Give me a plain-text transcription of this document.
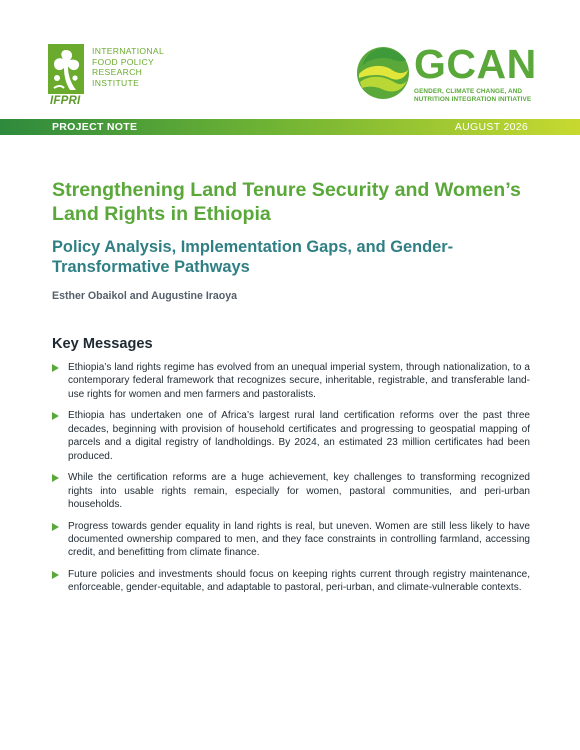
INTERNATIONAL
FOOD POLICY
RESEARCH
INSTITUTE
IFPRI
GCAN
GENDER, CLIMATE CHANGE, AND
NUTRITION INTEGRATION INITIATIVE
PROJECT NOTE	AUGUST 2026
Strengthening Land Tenure Security and Women’s Land Rights in Ethiopia
Policy Analysis, Implementation Gaps, and Gender-Transformative Pathways
Esther Obaikol and Augustine Iraoya
Key Messages
Ethiopia’s land rights regime has evolved from an unequal imperial system, through nationalization, to a contemporary federal framework that recognizes secure, inheritable, registrable, and transferable land-use rights for women and men farmers and pastoralists.
Ethiopia has undertaken one of Africa’s largest rural land certification reforms over the past three decades, beginning with provision of household certificates and progressing to geospatial mapping of parcels and a digital registry of landholdings. By 2024, an estimated 23 million certificates had been produced.
While the certification reforms are a huge achievement, key challenges to transforming recognized rights into usable rights remain, especially for women, pastoral communities, and peri-urban households.
Progress towards gender equality in land rights is real, but uneven. Women are still less likely to have documented ownership compared to men, and they face constraints in controlling farmland, accessing credit, and benefitting from climate finance.
Future policies and investments should focus on keeping rights current through registry maintenance, enforceable, gender-equitable, and adaptable to pastoral, peri-urban, and climate-vulnerable contexts.
